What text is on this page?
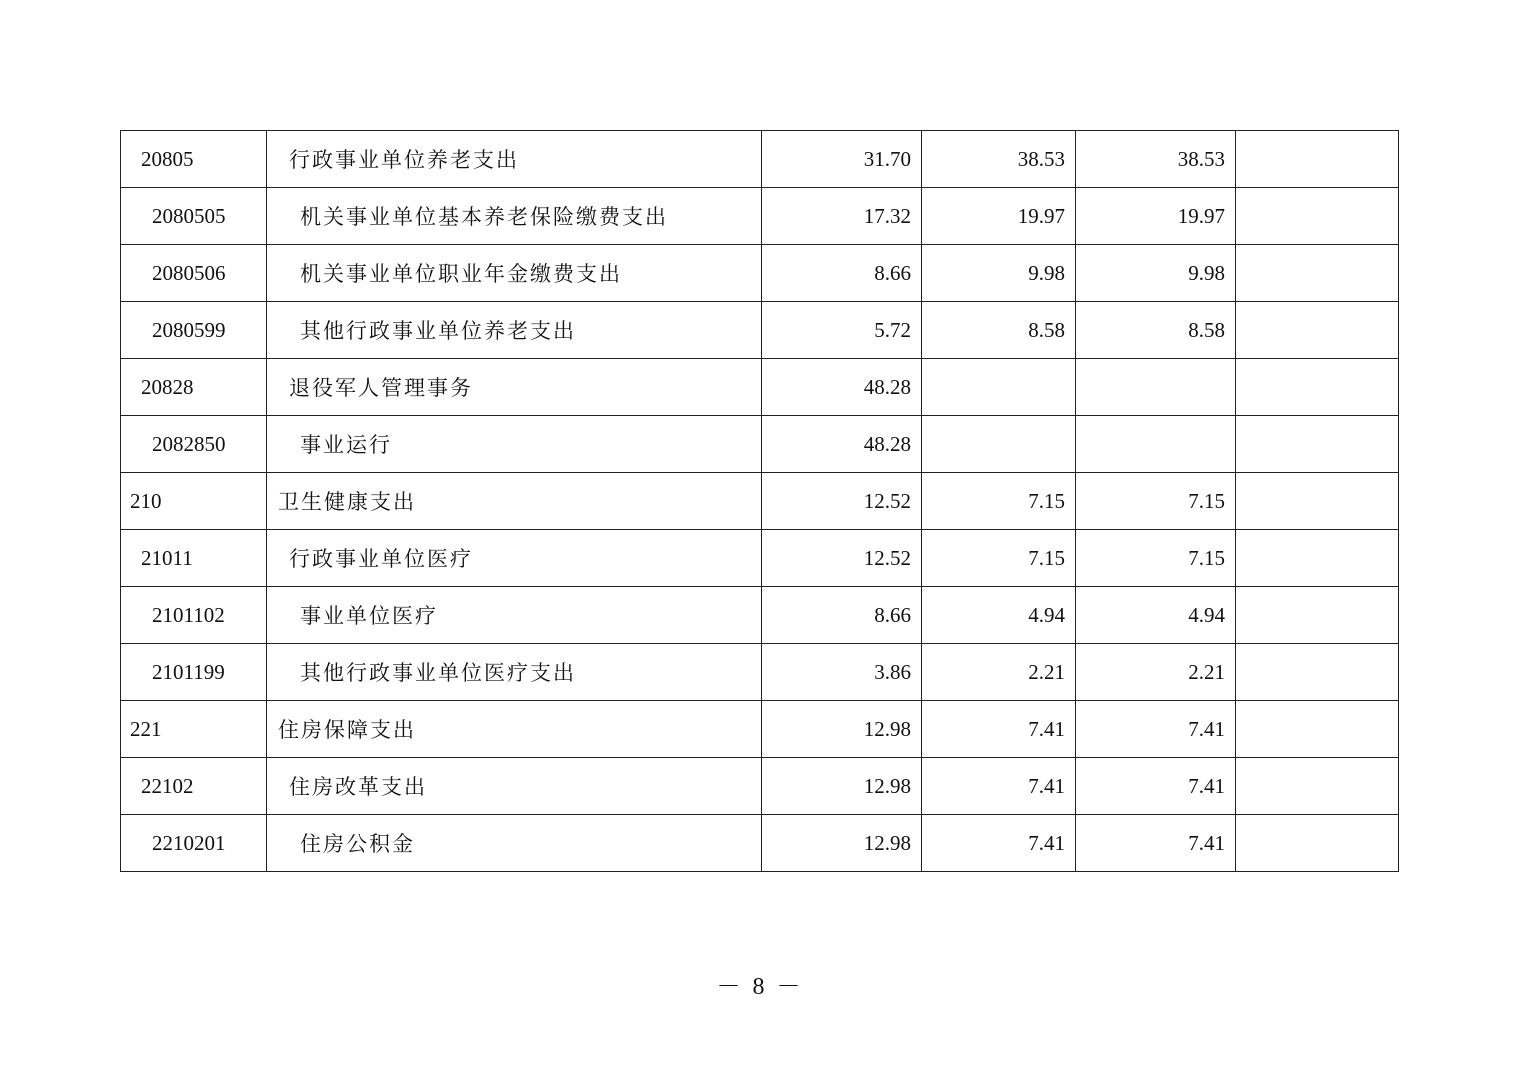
20805	行政事业单位养老支出	31.70	38.53	38.53	
2080505	机关事业单位基本养老保险缴费支出	17.32	19.97	19.97	
2080506	机关事业单位职业年金缴费支出	8.66	9.98	9.98	
2080599	其他行政事业单位养老支出	5.72	8.58	8.58	
20828	退役军人管理事务	48.28			
2082850	事业运行	48.28			
210	卫生健康支出	12.52	7.15	7.15	
21011	行政事业单位医疗	12.52	7.15	7.15	
2101102	事业单位医疗	8.66	4.94	4.94	
2101199	其他行政事业单位医疗支出	3.86	2.21	2.21	
221	住房保障支出	12.98	7.41	7.41	
22102	住房改革支出	12.98	7.41	7.41	
2210201	住房公积金	12.98	7.41	7.41	
－ 8 －
